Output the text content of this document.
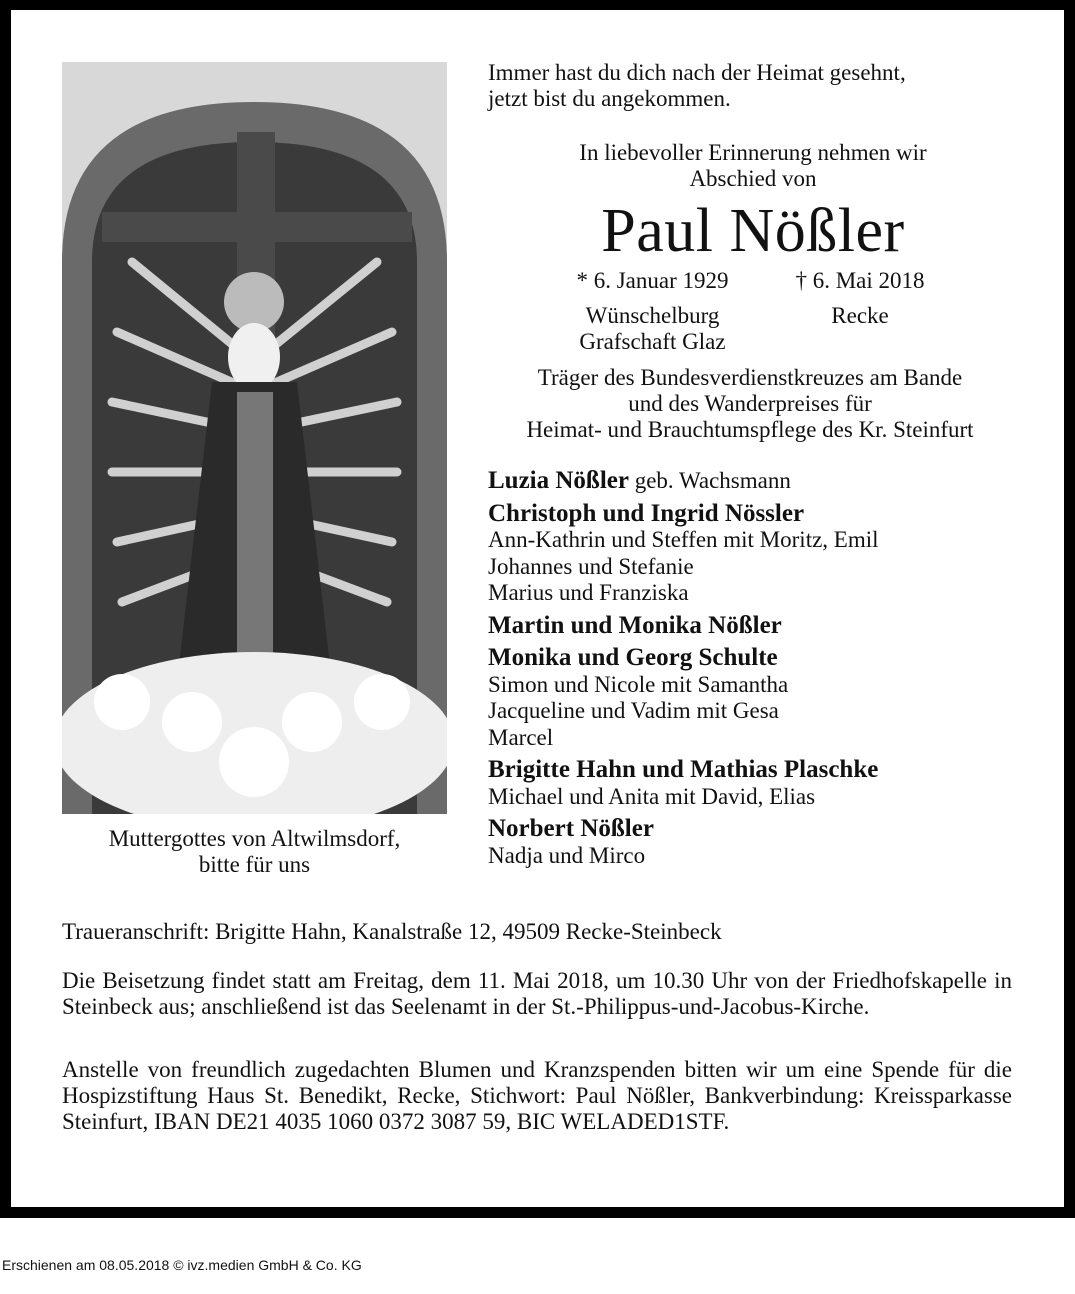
Muttergottes von Altwilmsdorf,
bitte für uns
Immer hast du dich nach der Heimat gesehnt,
jetzt bist du angekommen.
In liebevoller Erinnerung nehmen wir
Abschied von
Paul Nößler
* 6. Januar 1929
Wünschelburg
Grafschaft Glaz
† 6. Mai 2018
Recke
Träger des Bundesverdienstkreuzes am Bande
und des Wanderpreises für
Heimat- und Brauchtumspflege des Kr. Steinfurt
Luzia Nößler geb. Wachsmann
Christoph und Ingrid Nössler
Ann-Kathrin und Steffen mit Moritz, Emil
Johannes und Stefanie
Marius und Franziska
Martin und Monika Nößler
Monika und Georg Schulte
Simon und Nicole mit Samantha
Jacqueline und Vadim mit Gesa
Marcel
Brigitte Hahn und Mathias Plaschke
Michael und Anita mit David, Elias
Norbert Nößler
Nadja und Mirco
Traueranschrift: Brigitte Hahn, Kanalstraße 12, 49509 Recke-Steinbeck
Die Beisetzung findet statt am Freitag, dem 11. Mai 2018, um 10.30 Uhr von der Friedhofskapelle in Steinbeck aus; anschließend ist das Seelenamt in der St.-Philippus-und-Jacobus-Kirche.
Anstelle von freundlich zugedachten Blumen und Kranzspenden bitten wir um eine Spende für die Hospizstiftung Haus St. Benedikt, Recke, Stichwort: Paul Nößler, Bankverbindung: Kreissparkasse Steinfurt, IBAN DE21 4035 1060 0372 3087 59, BIC WELADED1STF.
Erschienen am 08.05.2018 © ivz.medien GmbH & Co. KG
